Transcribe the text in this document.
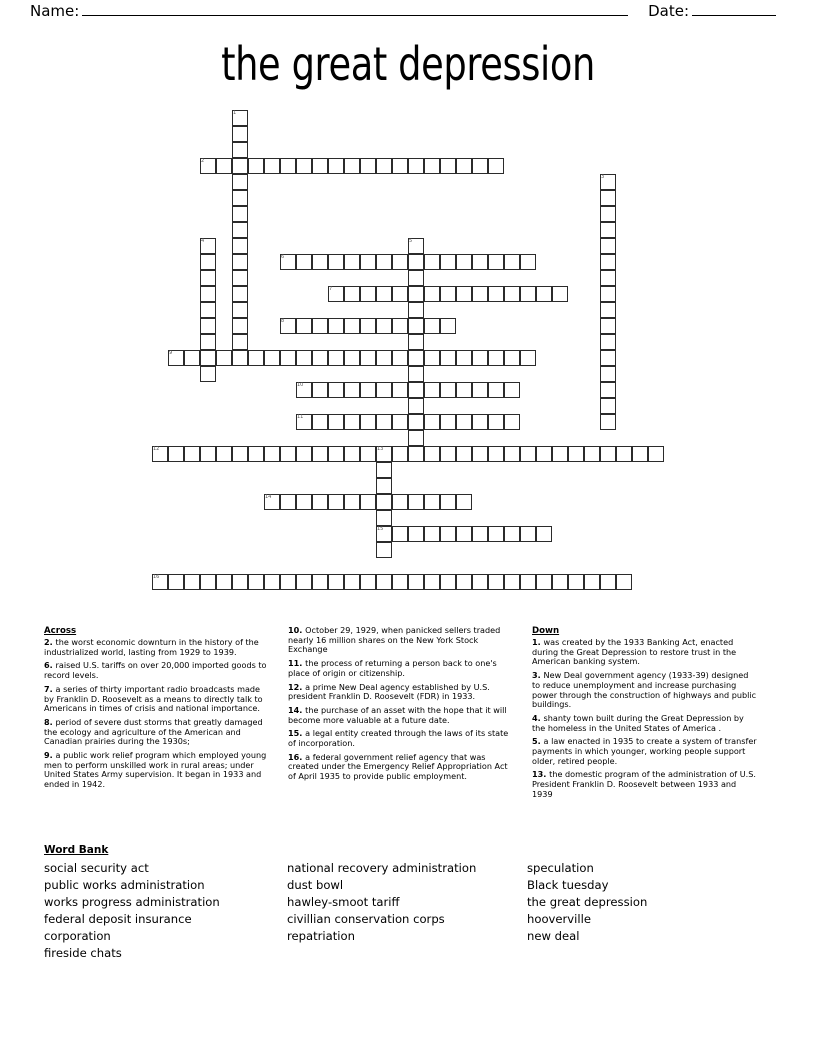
Name:	Date:
the great depression
1
2
3
4	5
6
7
8
9
10
11
12	13
14
15
16
Across
2. the worst economic downturn in the history of the industrialized world, lasting from 1929 to 1939.
6. raised U.S. tariffs on over 20,000 imported goods to record levels.
7. a series of thirty important radio broadcasts made by Franklin D. Roosevelt as a means to directly talk to Americans in times of crisis and national importance.
8. period of severe dust storms that greatly damaged the ecology and agriculture of the American and Canadian prairies during the 1930s;
9. a public work relief program which employed young men to perform unskilled work in rural areas; under United States Army supervision. It began in 1933 and ended in 1942.
10. October 29, 1929, when panicked sellers traded nearly 16 million shares on the New York Stock Exchange
11. the process of returning a person back to one's place of origin or citizenship.
12. a prime New Deal agency established by U.S. president Franklin D. Roosevelt (FDR) in 1933.
14. the purchase of an asset with the hope that it will become more valuable at a future date.
15. a legal entity created through the laws of its state of incorporation.
16. a federal government relief agency that was created under the Emergency Relief Appropriation Act of April 1935 to provide public employment.
Down
1. was created by the 1933 Banking Act, enacted during the Great Depression to restore trust in the American banking system.
3. New Deal government agency (1933-39) designed to reduce unemployment and increase purchasing power through the construction of highways and public buildings.
4. shanty town built during the Great Depression by the homeless in the United States of America .
5. a law enacted in 1935 to create a system of transfer payments in which younger, working people support older, retired people.
13. the domestic program of the administration of U.S. President Franklin D. Roosevelt between 1933 and 1939
Word Bank
social security act
public works administration
works progress administration
federal deposit insurance
corporation
fireside chats
national recovery administration
dust bowl
hawley-smoot tariff
civillian conservation corps
repatriation
speculation
Black tuesday
the great depression
hooverville
new deal
